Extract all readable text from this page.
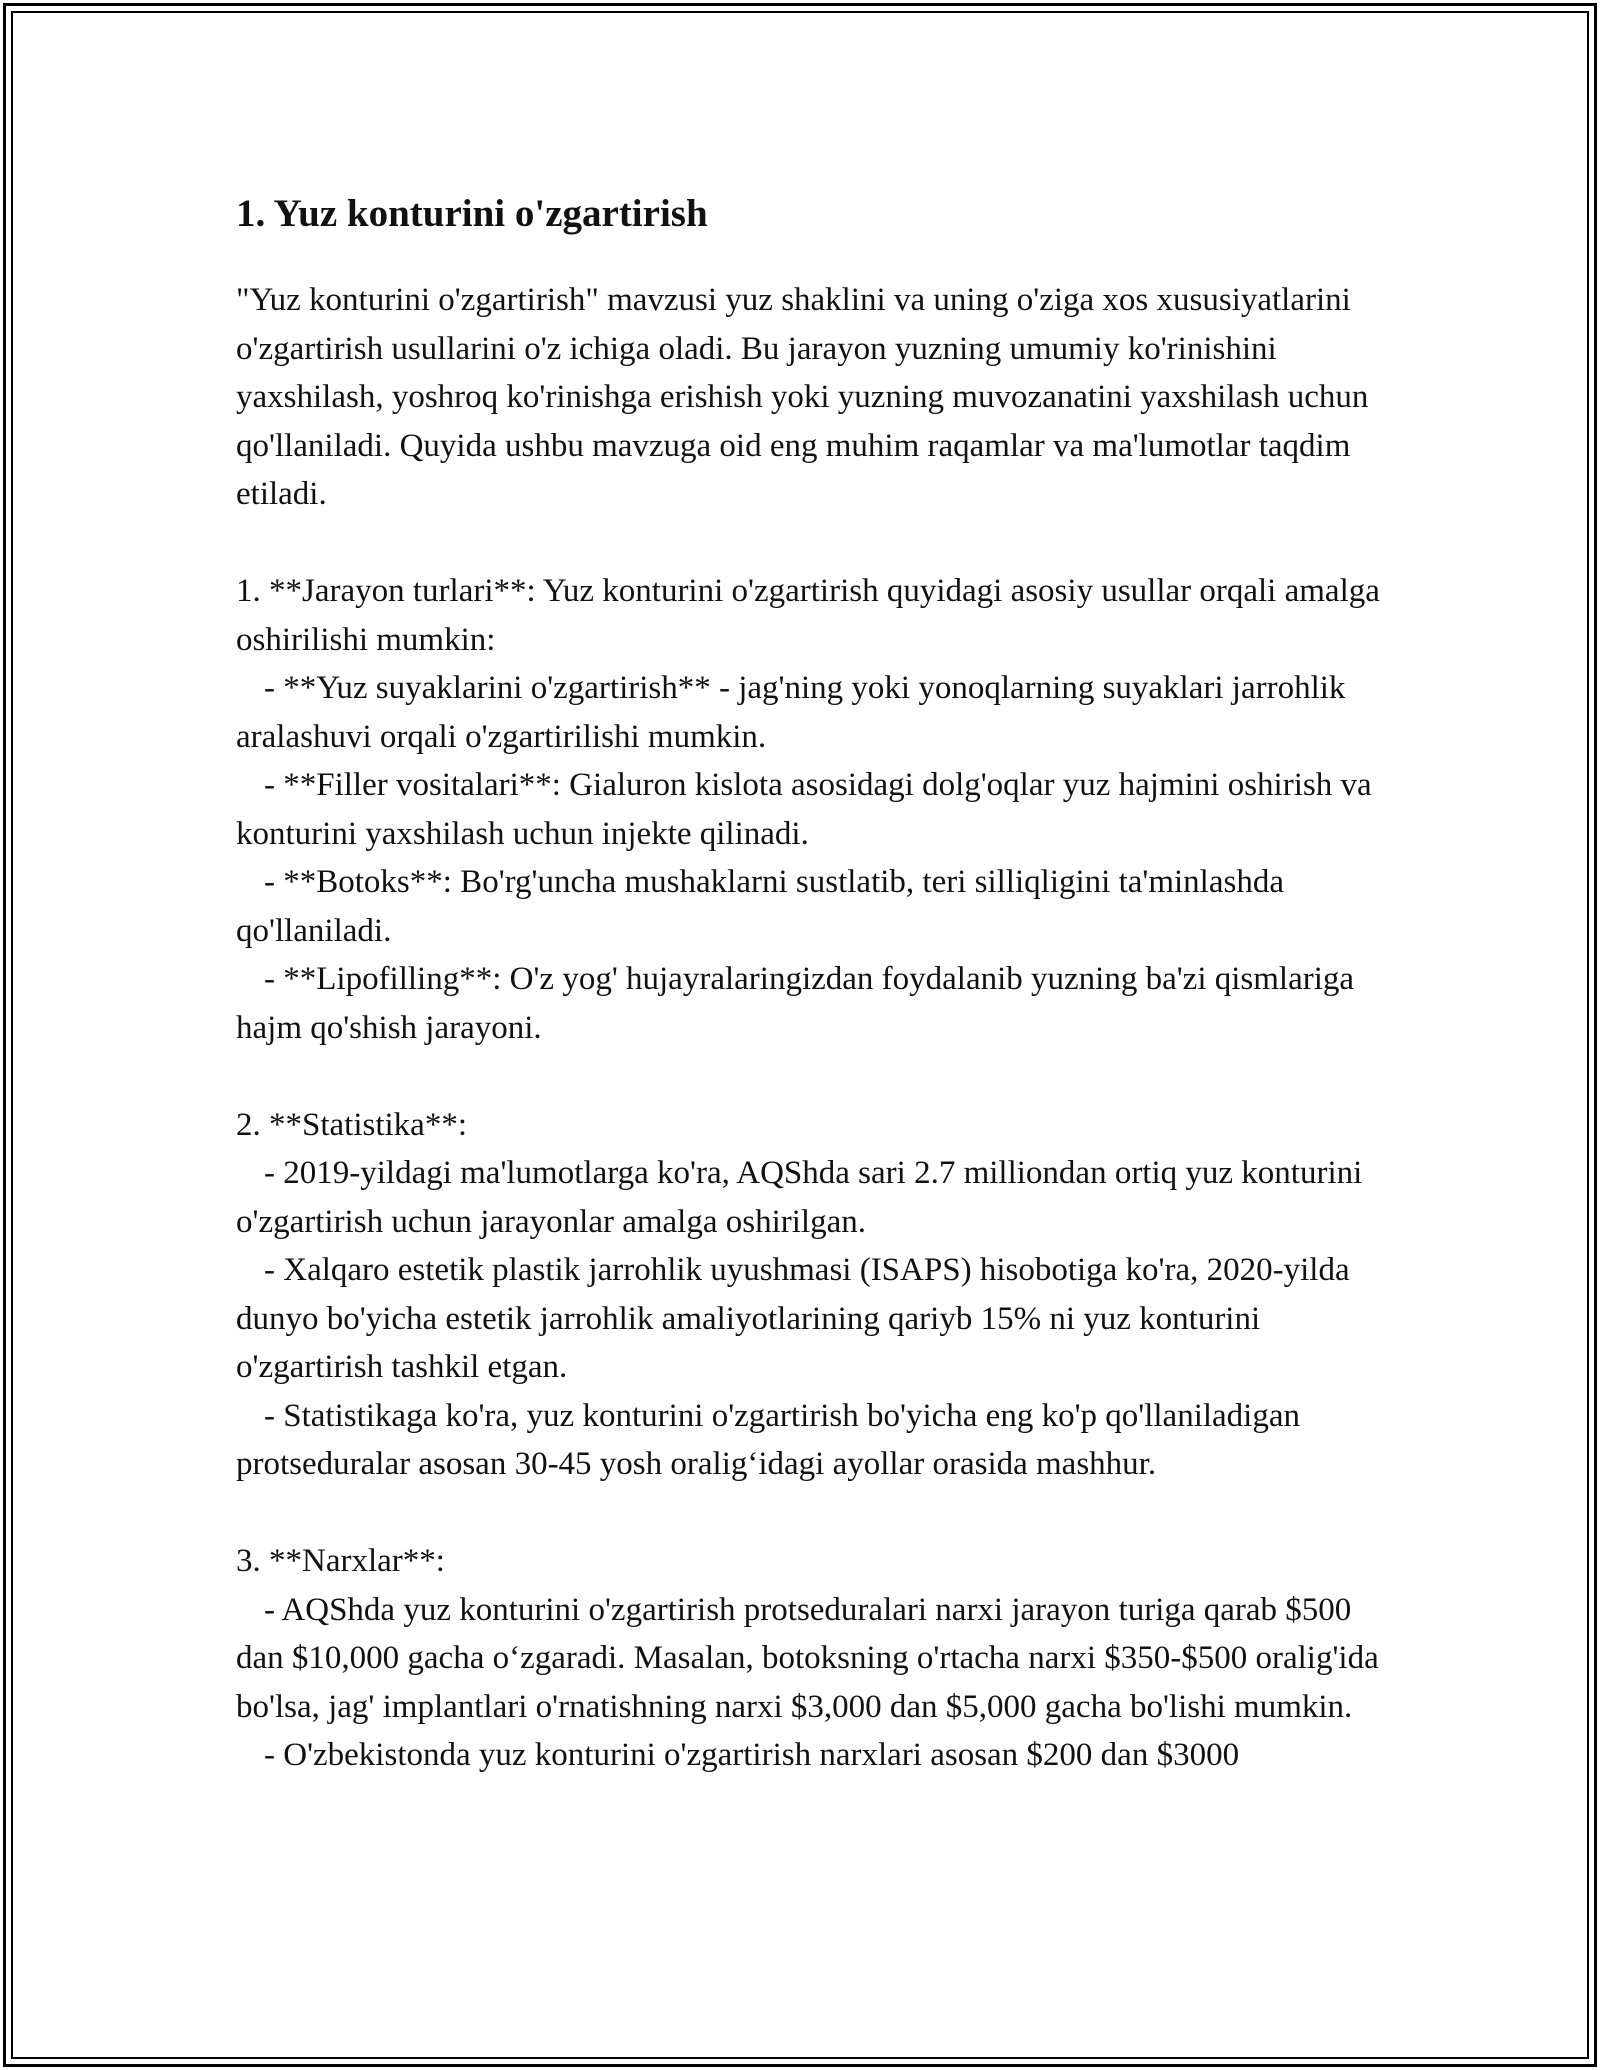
1. Yuz konturini o'zgartirish

"Yuz konturini o'zgartirish" mavzusi yuz shaklini va uning o'ziga xos xususiyatlarini o'zgartirish usullarini o'z ichiga oladi. Bu jarayon yuzning umumiy ko'rinishini yaxshilash, yoshroq ko'rinishga erishish yoki yuzning muvozanatini yaxshilash uchun qo'llaniladi. Quyida ushbu mavzuga oid eng muhim raqamlar va ma'lumotlar taqdim etiladi.

1. **Jarayon turlari**: Yuz konturini o'zgartirish quyidagi asosiy usullar orqali amalga oshirilishi mumkin:

- **Yuz suyaklarini o'zgartirish** - jag'ning yoki yonoqlarning suyaklari jarrohlik aralashuvi orqali o'zgartirilishi mumkin.

- **Filler vositalari**: Gialuron kislota asosidagi dolg'oqlar yuz hajmini oshirish va konturini yaxshilash uchun injekte qilinadi.

- **Botoks**: Bo'rg'uncha mushaklarni sustlatib, teri silliqligini ta'minlashda qo'llaniladi.

- **Lipofilling**: O'z yog' hujayralaringizdan foydalanib yuzning ba'zi qismlariga hajm qo'shish jarayoni.

2. **Statistika**:

- 2019-yildagi ma'lumotlarga ko'ra, AQShda sari 2.7 milliondan ortiq yuz konturini o'zgartirish uchun jarayonlar amalga oshirilgan.

- Xalqaro estetik plastik jarrohlik uyushmasi (ISAPS) hisobotiga ko'ra, 2020-yilda dunyo bo'yicha estetik jarrohlik amaliyotlarining qariyb 15% ni yuz konturini o'zgartirish tashkil etgan.

- Statistikaga ko'ra, yuz konturini o'zgartirish bo'yicha eng ko'p qo'llaniladigan protseduralar asosan 30-45 yosh oralig‘idagi ayollar orasida mashhur.

3. **Narxlar**:

- AQShda yuz konturini o'zgartirish protseduralari narxi jarayon turiga qarab $500 dan $10,000 gacha o‘zgaradi. Masalan, botoksning o'rtacha narxi $350-$500 oralig'ida bo'lsa, jag' implantlari o'rnatishning narxi $3,000 dan $5,000 gacha bo'lishi mumkin.

- O'zbekistonda yuz konturini o'zgartirish narxlari asosan $200 dan $3000
